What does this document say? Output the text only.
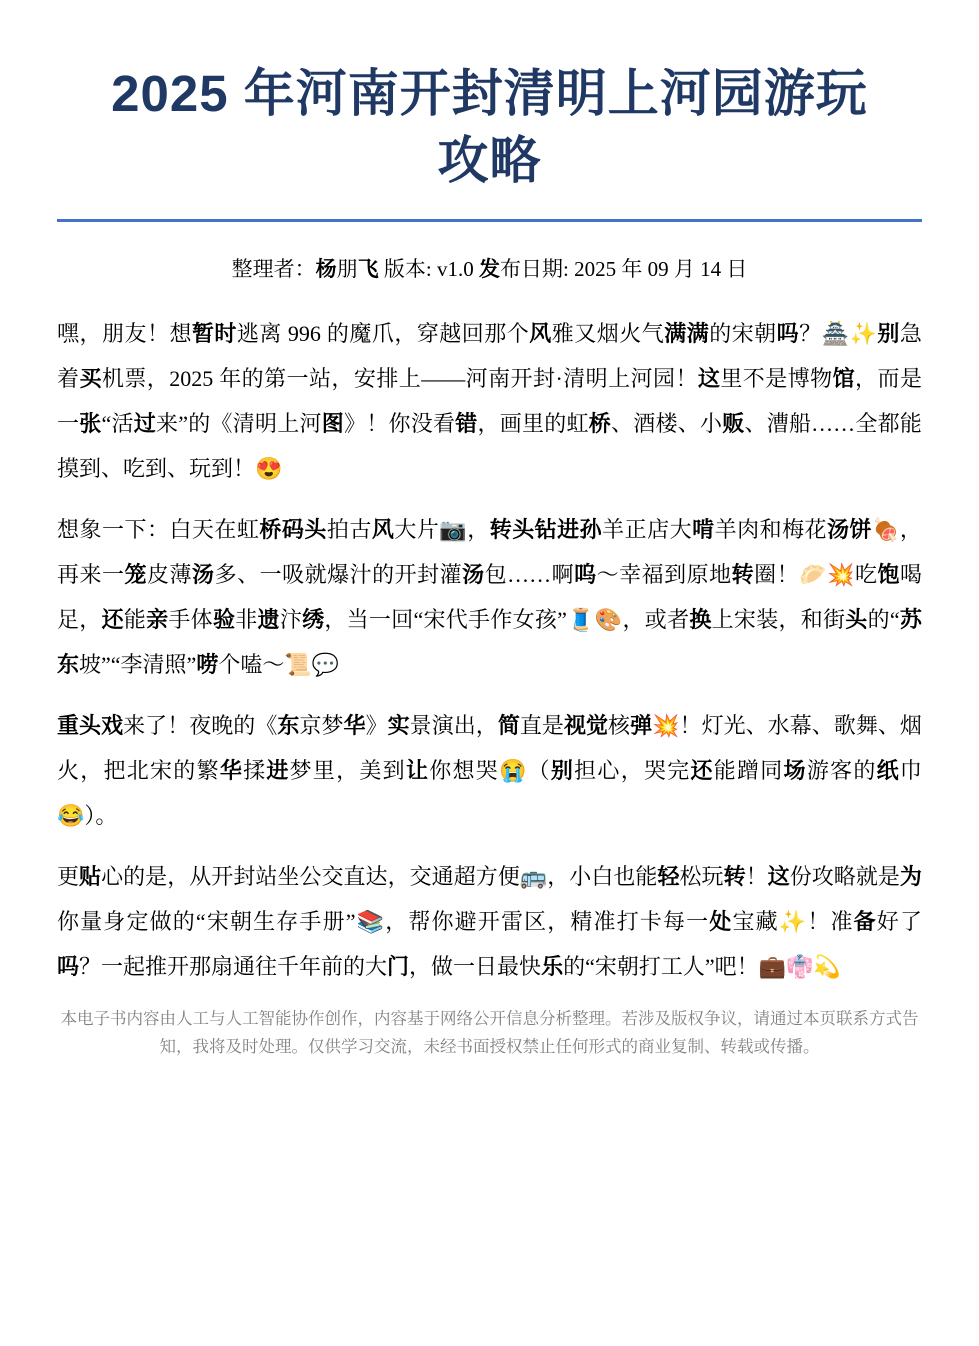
2025 年河南开封清明上河园游玩攻略
整理者：杨朋飞 版本: v1.0 发布日期: 2025 年 09 月 14 日

嘿，朋友！想暂时逃离 996 的魔爪，穿越回那个风雅又烟火气满满的宋朝吗？🏯✨别急着买机票，2025 年的第一站，安排上——河南开封·清明上河园！这里不是博物馆，而是一张“活过来”的《清明上河图》！你没看错，画里的虹桥、酒楼、小贩、漕船……全都能摸到、吃到、玩到！😍

想象一下：白天在虹桥码头拍古风大片📷，转头钻进孙羊正店大啃羊肉和梅花汤饼🍖，再来一笼皮薄汤多、一吸就爆汁的开封灌汤包……啊呜～幸福到原地转圈！🥟💥吃饱喝足，还能亲手体验非遗汴绣，当一回“宋代手作女孩”🧵🎨，或者换上宋装，和街头的“苏东坡”“李清照”唠个嗑～📜💬

重头戏来了！夜晚的《东京梦华》实景演出，简直是视觉核弹💥！灯光、水幕、歌舞、烟火，把北宋的繁华揉进梦里，美到让你想哭😭（别担心，哭完还能蹭同场游客的纸巾😂）。

更贴心的是，从开封站坐公交直达，交通超方便🚌，小白也能轻松玩转！这份攻略就是为你量身定做的“宋朝生存手册”📚，帮你避开雷区，精准打卡每一处宝藏✨！准备好了吗？一起推开那扇通往千年前的大门，做一日最快乐的“宋朝打工人”吧！💼👘💫

本电子书内容由人工与人工智能协作创作，内容基于网络公开信息分析整理。若涉及版权争议，请通过本页联系方式告知，我将及时处理。仅供学习交流，未经书面授权禁止任何形式的商业复制、转载或传播。
